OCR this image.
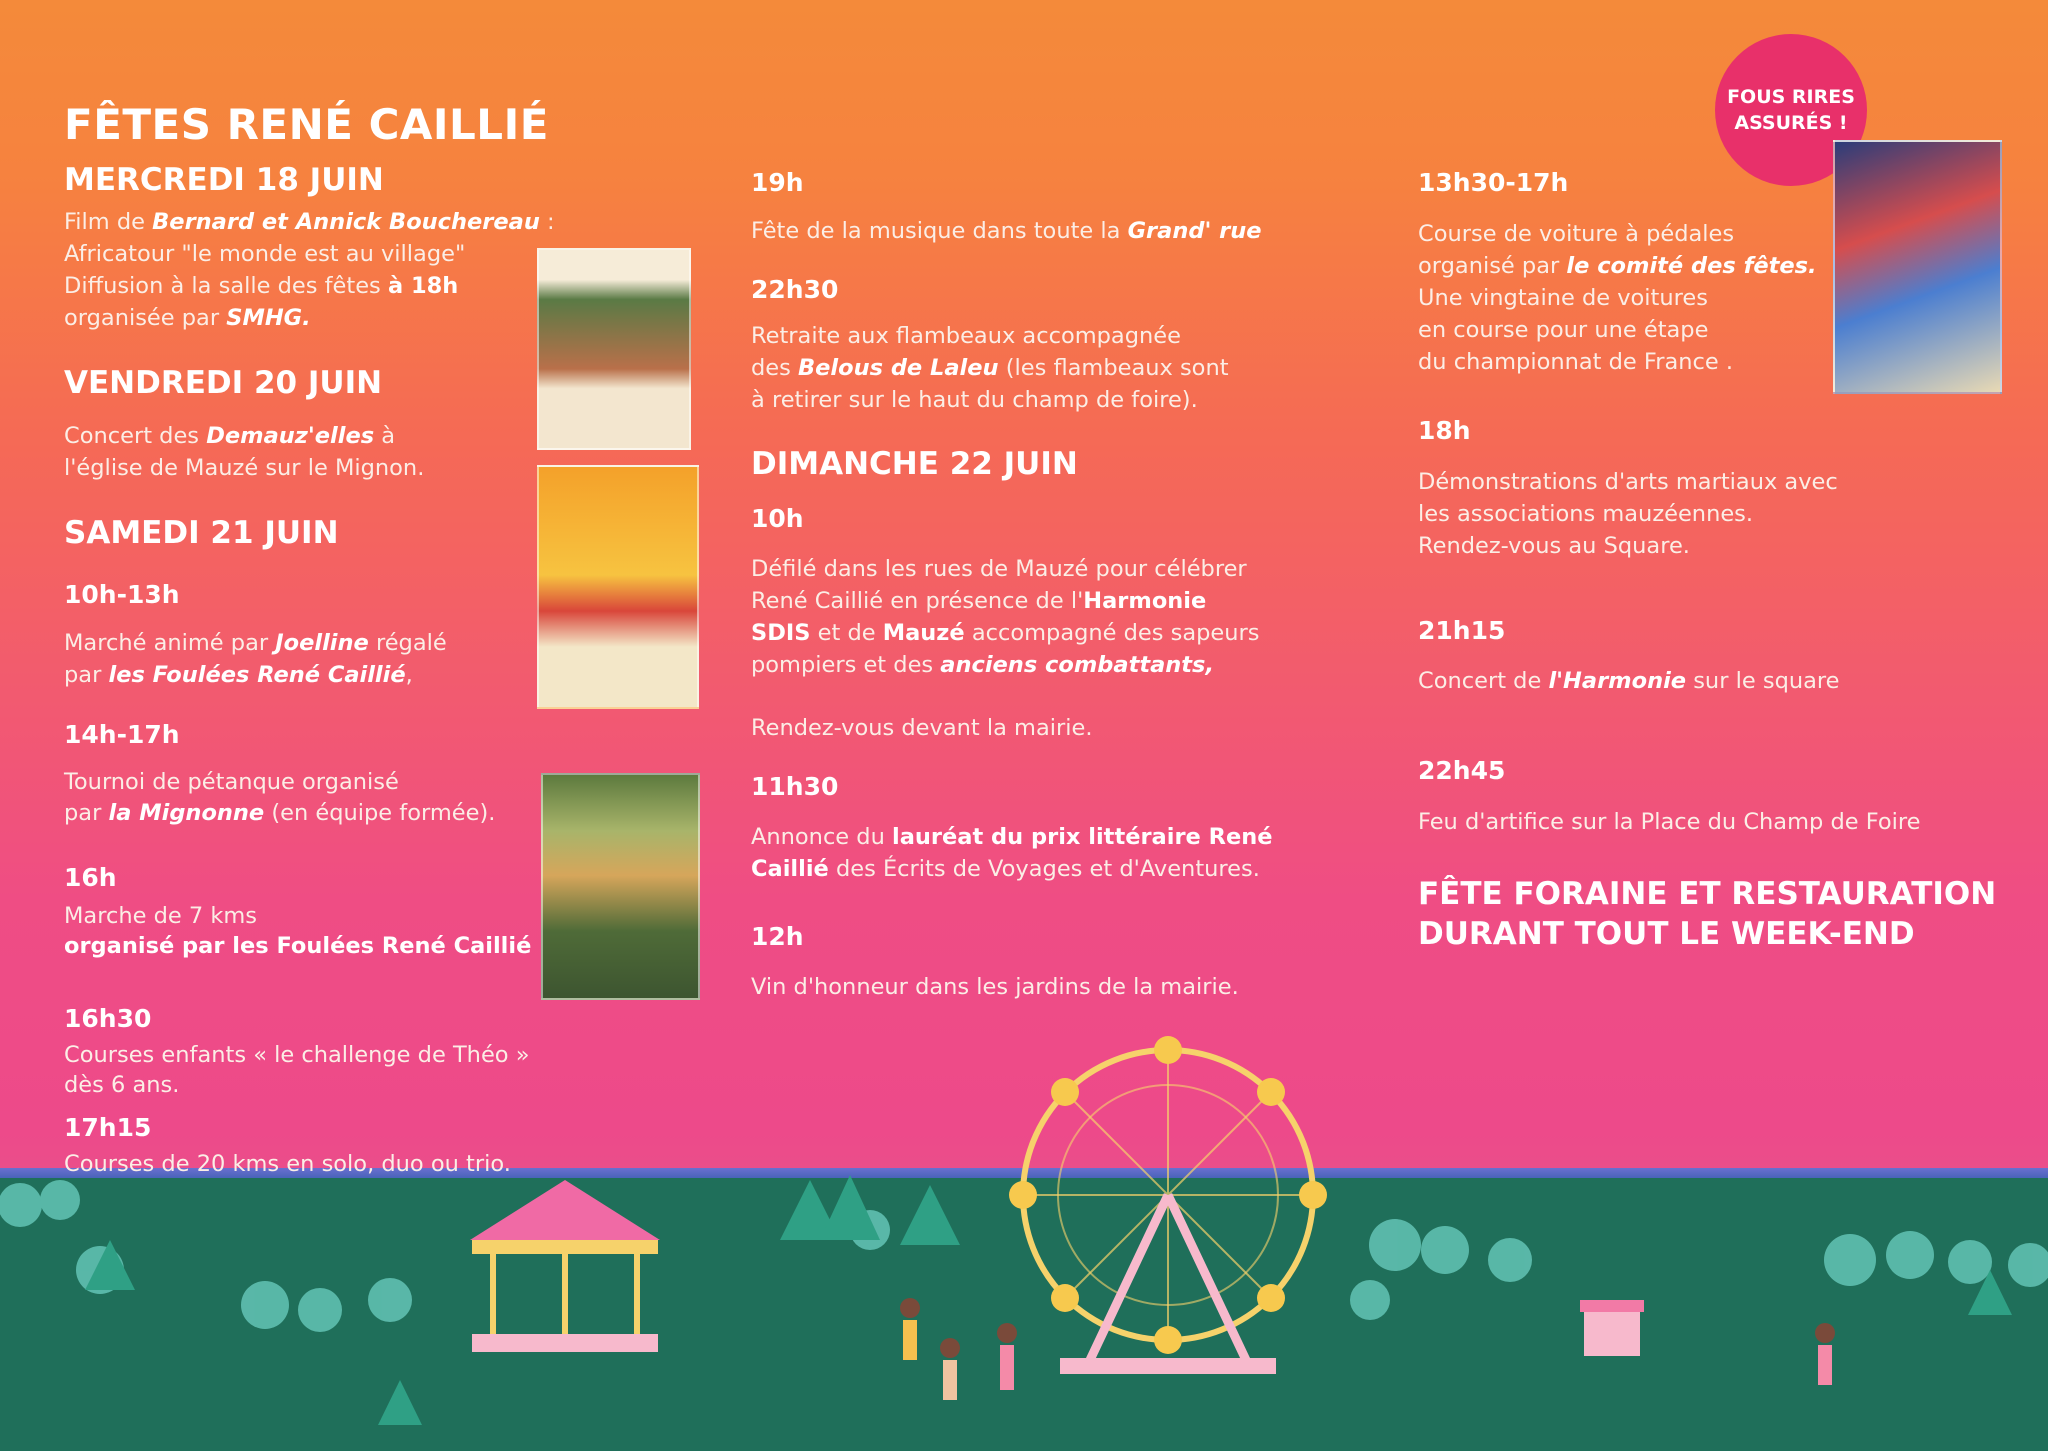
FÊTES RENÉ CAILLIÉ
FOUS RIRES
ASSURÉS !
MERCREDI 18 JUIN
Film de Bernard et Annick Bouchereau :
Africatour "le monde est au village"
Diffusion à la salle des fêtes à 18h
organisée par SMHG.
VENDREDI 20 JUIN
Concert des Demauz'elles à
l'église de Mauzé sur le Mignon.
SAMEDI 21 JUIN
10h-13h
Marché animé par Joelline régalé
par les Foulées René Caillié,
14h-17h
Tournoi de pétanque organisé
par la Mignonne (en équipe formée).
16h
Marche de 7 kms
organisé par les Foulées René Caillié
16h30
Courses enfants « le challenge de Théo »
dès 6 ans.
17h15
Courses de 20 kms en solo, duo ou trio.
19h
Fête de la musique dans toute la Grand' rue
22h30
Retraite aux flambeaux accompagnée
des Belous de Laleu (les flambeaux sont
à retirer sur le haut du champ de foire).
DIMANCHE 22 JUIN
10h
Défilé dans les rues de Mauzé pour célébrer
René Caillié en présence de l'Harmonie
SDIS et de Mauzé accompagné des sapeurs
pompiers et des anciens combattants,
Rendez-vous devant la mairie.
11h30
Annonce du lauréat du prix littéraire René
Caillié des Écrits de Voyages et d'Aventures.
12h
Vin d'honneur dans les jardins de la mairie.
13h30-17h
Course de voiture à pédales
organisé par le comité des fêtes.
Une vingtaine de voitures
en course pour une étape
du championnat de France .
18h
Démonstrations d'arts martiaux avec
les associations mauzéennes.
Rendez-vous au Square.
21h15
Concert de l'Harmonie sur le square
22h45
Feu d'artifice sur la Place du Champ de Foire
FÊTE FORAINE ET RESTAURATION
DURANT TOUT LE WEEK-END
